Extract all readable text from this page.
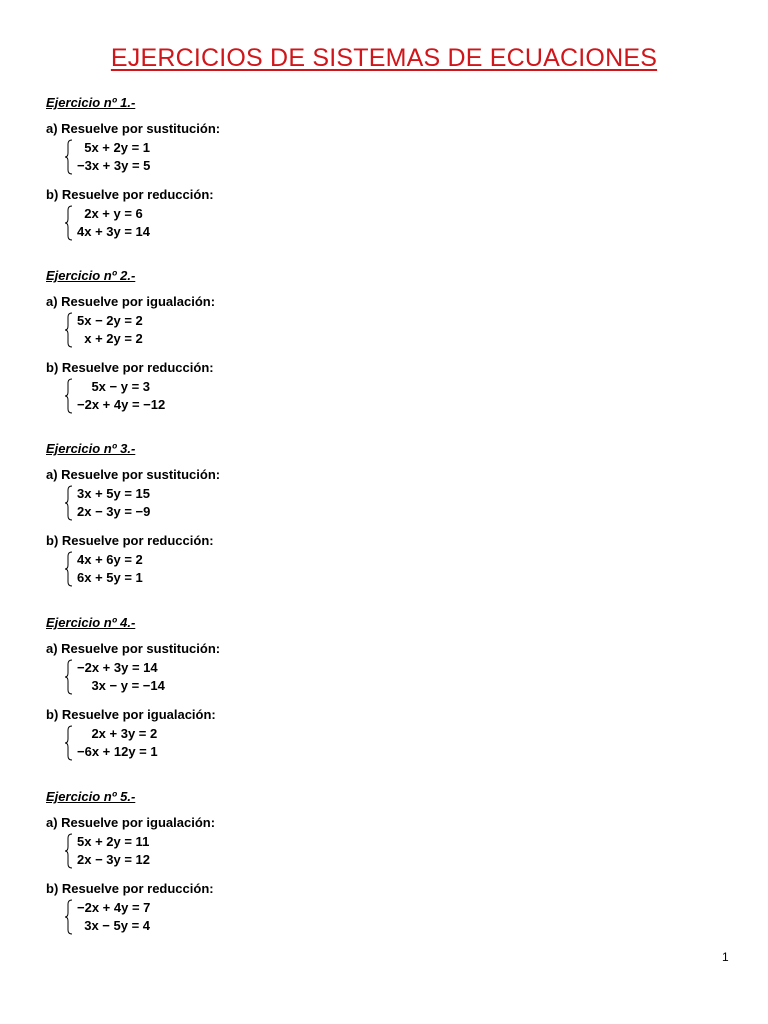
EJERCICIOS DE SISTEMAS DE ECUACIONES
Ejercicio nº 1.-
a) Resuelve por sustitución:
5x + 2y = 1
−3x + 3y = 5
b) Resuelve por reducción:
2x + y = 6
4x + 3y = 14
Ejercicio nº 2.-
a) Resuelve por igualación:
5x − 2y = 2
x + 2y = 2
b) Resuelve por reducción:
5x − y = 3
−2x + 4y = −12
Ejercicio nº 3.-
a) Resuelve por sustitución:
3x + 5y = 15
2x − 3y = −9
b) Resuelve por reducción:
4x + 6y = 2
6x + 5y = 1
Ejercicio nº 4.-
a) Resuelve por sustitución:
−2x + 3y = 14
3x − y = −14
b) Resuelve por igualación:
2x + 3y = 2
−6x + 12y = 1
Ejercicio nº 5.-
a) Resuelve por igualación:
5x + 2y = 11
2x − 3y = 12
b) Resuelve por reducción:
−2x + 4y = 7
3x − 5y = 4
1
